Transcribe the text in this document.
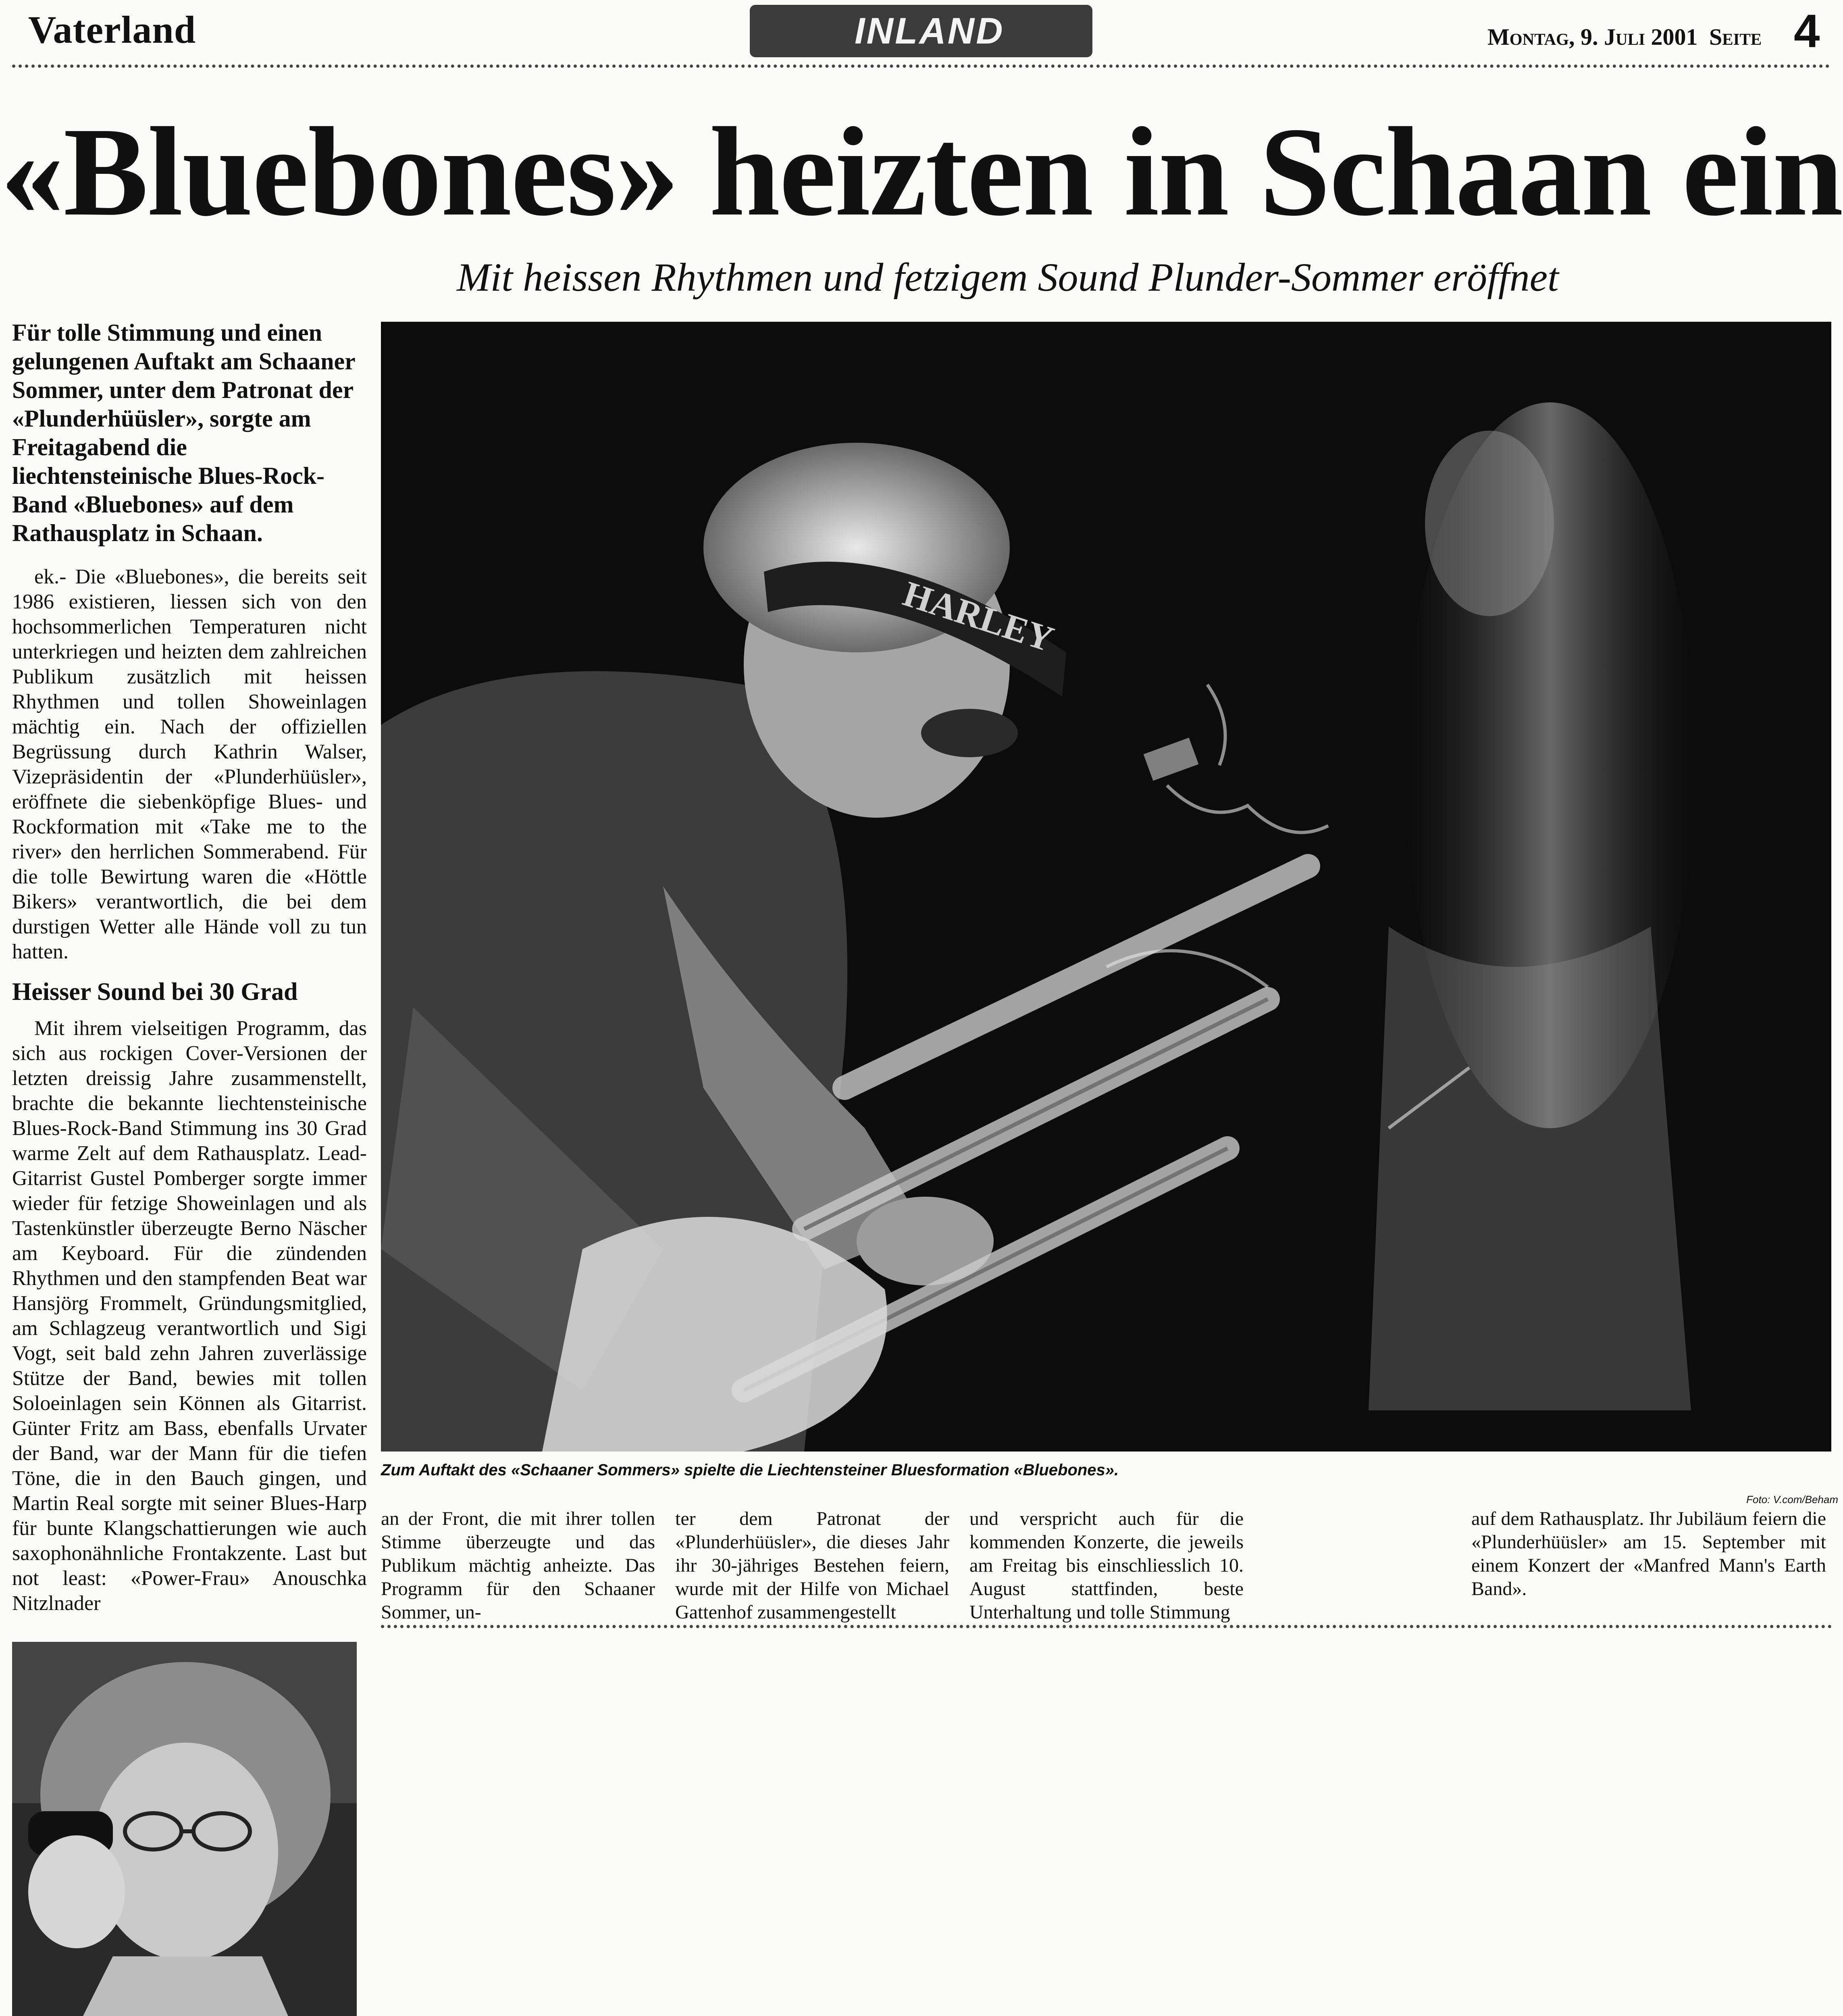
Vaterland	INLAND	Montag, 9. Juli 2001 Seite 4
«Bluebones» heizten in Schaan ein
Mit heissen Rhythmen und fetzigem Sound Plunder-Sommer eröffnet
Für tolle Stimmung und einen gelungenen Auftakt am Schaaner Sommer, unter dem Patronat der «Plunderhüüsler», sorgte am Freitagabend die liechtensteinische Blues-Rock-Band «Bluebones» auf dem Rathausplatz in Schaan.
ek.- Die «Bluebones», die bereits seit 1986 existieren, liessen sich von den hochsommerlichen Temperaturen nicht unterkriegen und heizten dem zahlreichen Publikum zusätzlich mit heissen Rhythmen und tollen Showeinlagen mächtig ein. Nach der offiziellen Begrüssung durch Kathrin Walser, Vizepräsidentin der «Plunderhüüsler», eröffnete die siebenköpfige Blues- und Rockformation mit «Take me to the river» den herrlichen Sommerabend. Für die tolle Bewirtung waren die «Höttle Bikers» verantwortlich, die bei dem durstigen Wetter alle Hände voll zu tun hatten.
Heisser Sound bei 30 Grad
Mit ihrem vielseitigen Programm, das sich aus rockigen Cover-Versionen der letzten dreissig Jahre zusammenstellt, brachte die bekannte liechtensteinische Blues-Rock-Band Stimmung ins 30 Grad warme Zelt auf dem Rathausplatz. Lead-Gitarrist Gustel Pomberger sorgte immer wieder für fetzige Showeinlagen und als Tastenkünstler überzeugte Berno Näscher am Keyboard. Für die zündenden Rhythmen und den stampfenden Beat war Hansjörg Frommelt, Gründungsmitglied, am Schlagzeug verantwortlich und Sigi Vogt, seit bald zehn Jahren zuverlässige Stütze der Band, bewies mit tollen Soloeinlagen sein Können als Gitarrist. Günter Fritz am Bass, ebenfalls Urvater der Band, war der Mann für die tiefen Töne, die in den Bauch gingen, und Martin Real sorgte mit seiner Blues-Harp für bunte Klangschattierungen wie auch saxophonähnliche Frontakzente. Last but not least: «Power-Frau» Anouschka Nitzlnader
HARLEY
Zum Auftakt des «Schaaner Sommers» spielte die Liechtensteiner Bluesformation «Bluebones».
Foto: V.com/Beham
an der Front, die mit ihrer tollen Stimme überzeugte und das Publikum mächtig anheizte. Das Programm für den Schaaner Sommer, un-
ter dem Patronat der «Plunderhüüsler», die dieses Jahr ihr 30-jähriges Bestehen feiern, wurde mit der Hilfe von Michael Gattenhof zusammengestellt
und verspricht auch für die kommenden Konzerte, die jeweils am Freitag bis einschliesslich 10. August stattfinden, beste Unterhaltung und tolle Stimmung
auf dem Rathausplatz. Ihr Jubiläum feiern die «Plunderhüüsler» am 15. September mit einem Konzert der «Manfred Mann's Earth Band».
